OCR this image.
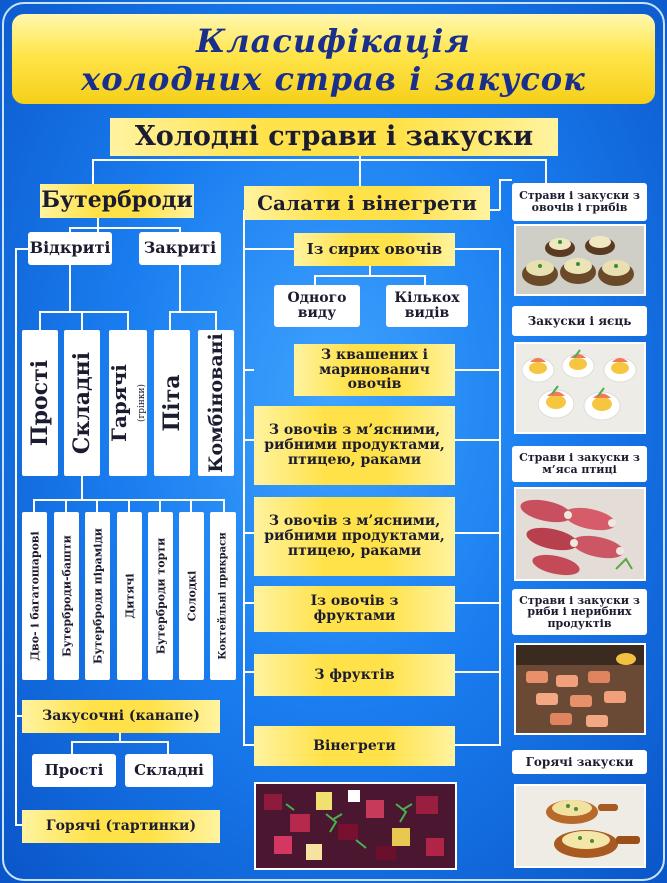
Класифікація
холодних страв і закусок
Холодні страви і закуски
Бутерброди
Відкриті Закриті
Прості Складні Гарячі (грінки) Піта Комбіновані
Дво- і багатошарові Бутерброди-башти Бутерброди піраміди Дитячі Бутерброди торти Солодкі Коктейльні прикраси
Закусочні (канапе)
Прості	Складні
Горячі (тартинки)
Салати і вінегрети
Із сирих овочів
Одного виду
Кількох видів
З квашених і маринованич овочів
З овочів з м’ясними, рибними продуктами, птицею, раками
З овочів з м’ясними, рибними продуктами, птицею, раками
Із овочів з фруктами
З фруктів
Вінегрети
Страви і закуски з овочів і грибів
Закуски і яєць
Страви і закуски з м’яса птиці
Страви і закуски з риби і нерибних продуктів
Горячі закуски
